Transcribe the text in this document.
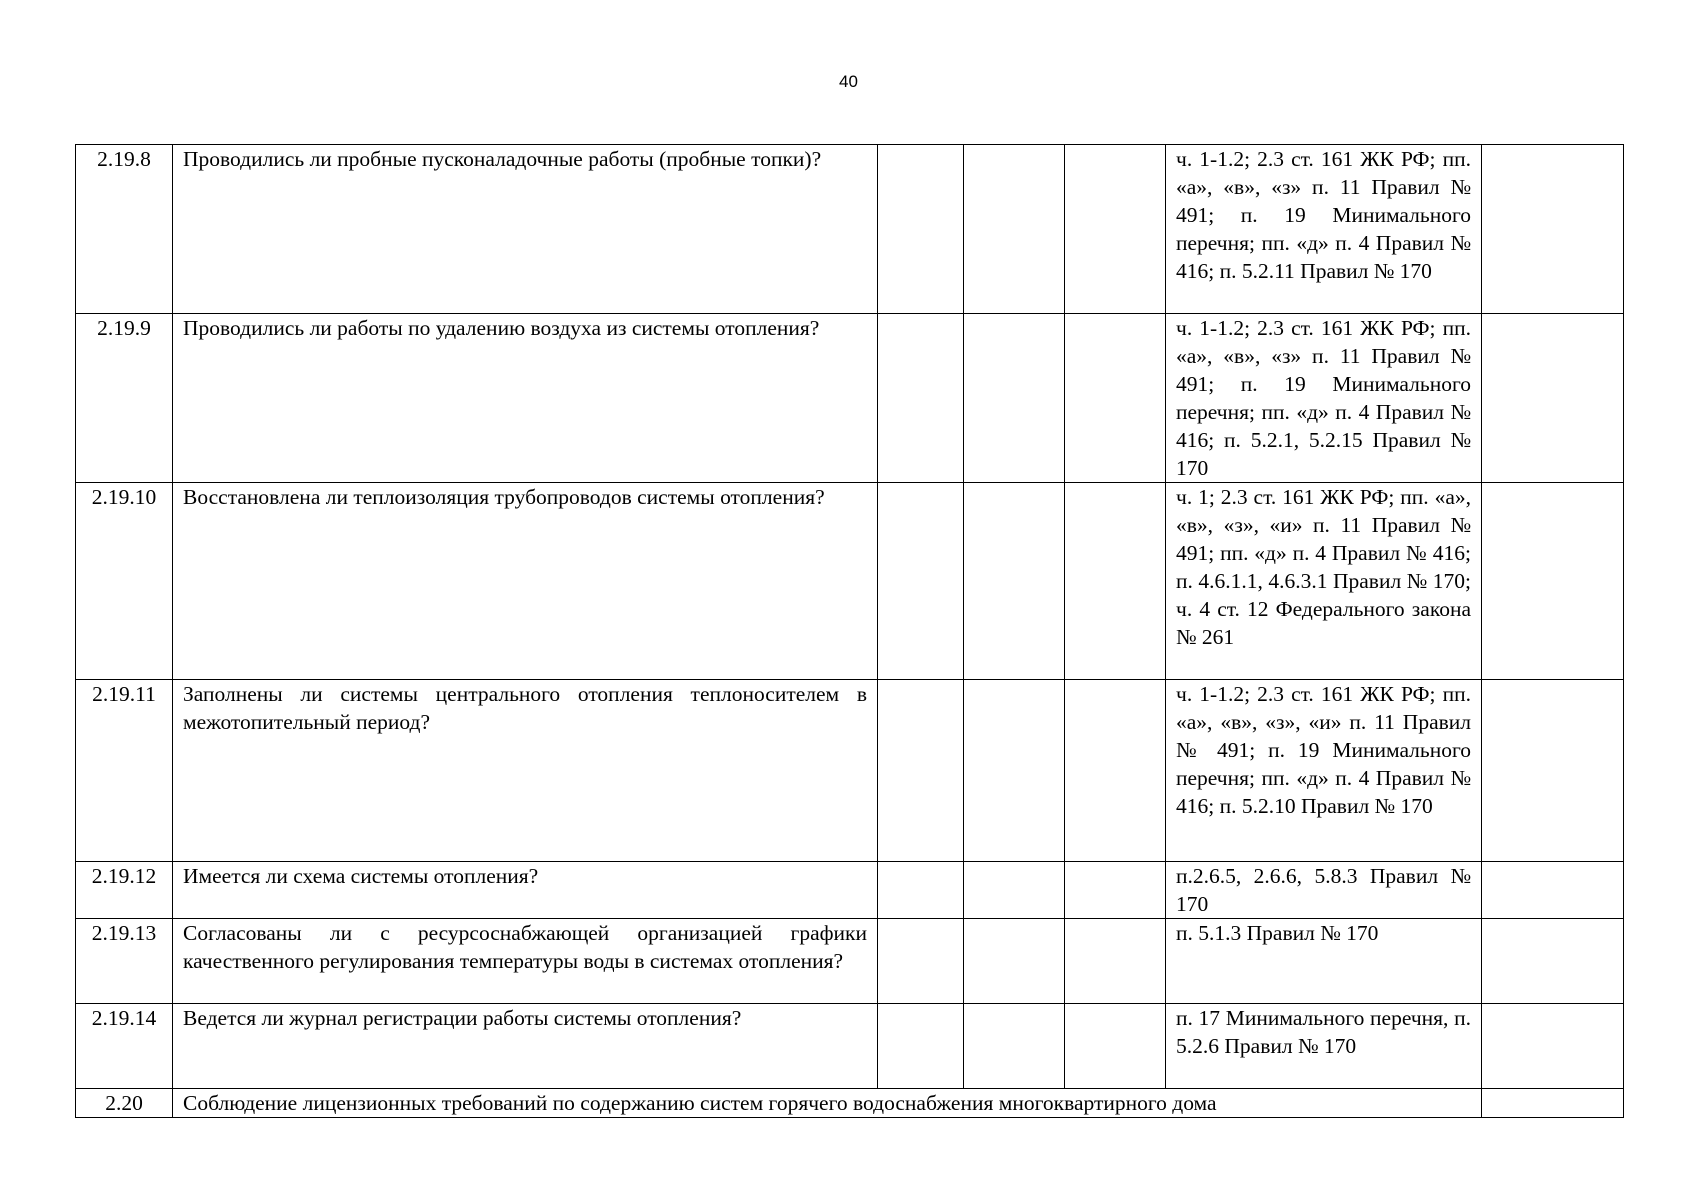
40
2.19.8	Проводились ли пробные пусконаладочные работы (пробные топки)?				ч. 1-1.2; 2.3 ст. 161 ЖК РФ; пп. «а», «в», «з» п. 11 Правил № 491; п. 19 Минимального перечня; пп. «д» п. 4 Правил № 416; п. 5.2.11 Правил № 170	
2.19.9	Проводились ли работы по удалению воздуха из системы отопления?				ч. 1-1.2; 2.3 ст. 161 ЖК РФ; пп. «а», «в», «з» п. 11 Правил № 491; п. 19 Минимального перечня; пп. «д» п. 4 Правил № 416; п. 5.2.1, 5.2.15 Правил № 170	
2.19.10	Восстановлена ли теплоизоляция трубопроводов системы отопления?				ч. 1; 2.3 ст. 161 ЖК РФ; пп. «а», «в», «з», «и» п. 11 Правил № 491; пп. «д» п. 4 Правил № 416; п. 4.6.1.1, 4.6.3.1 Правил № 170; ч. 4 ст. 12 Федерального закона № 261	
2.19.11	Заполнены ли системы центрального отопления теплоносителем в межотопительный период?				ч. 1-1.2; 2.3 ст. 161 ЖК РФ; пп. «а», «в», «з», «и» п. 11 Правил № 491; п. 19 Минимального перечня; пп. «д» п. 4 Правил № 416; п. 5.2.10 Правил № 170	
2.19.12	Имеется ли схема системы отопления?				п.2.6.5, 2.6.6, 5.8.3 Правил № 170	
2.19.13	Согласованы ли с ресурсоснабжающей организацией графики качественного регулирования температуры воды в системах отопления?				п. 5.1.3 Правил № 170	
2.19.14	Ведется ли журнал регистрации работы системы отопления?				п. 17 Минимального перечня, п. 5.2.6 Правил № 170	
2.20	Соблюдение лицензионных требований по содержанию систем горячего водоснабжения многоквартирного дома					
